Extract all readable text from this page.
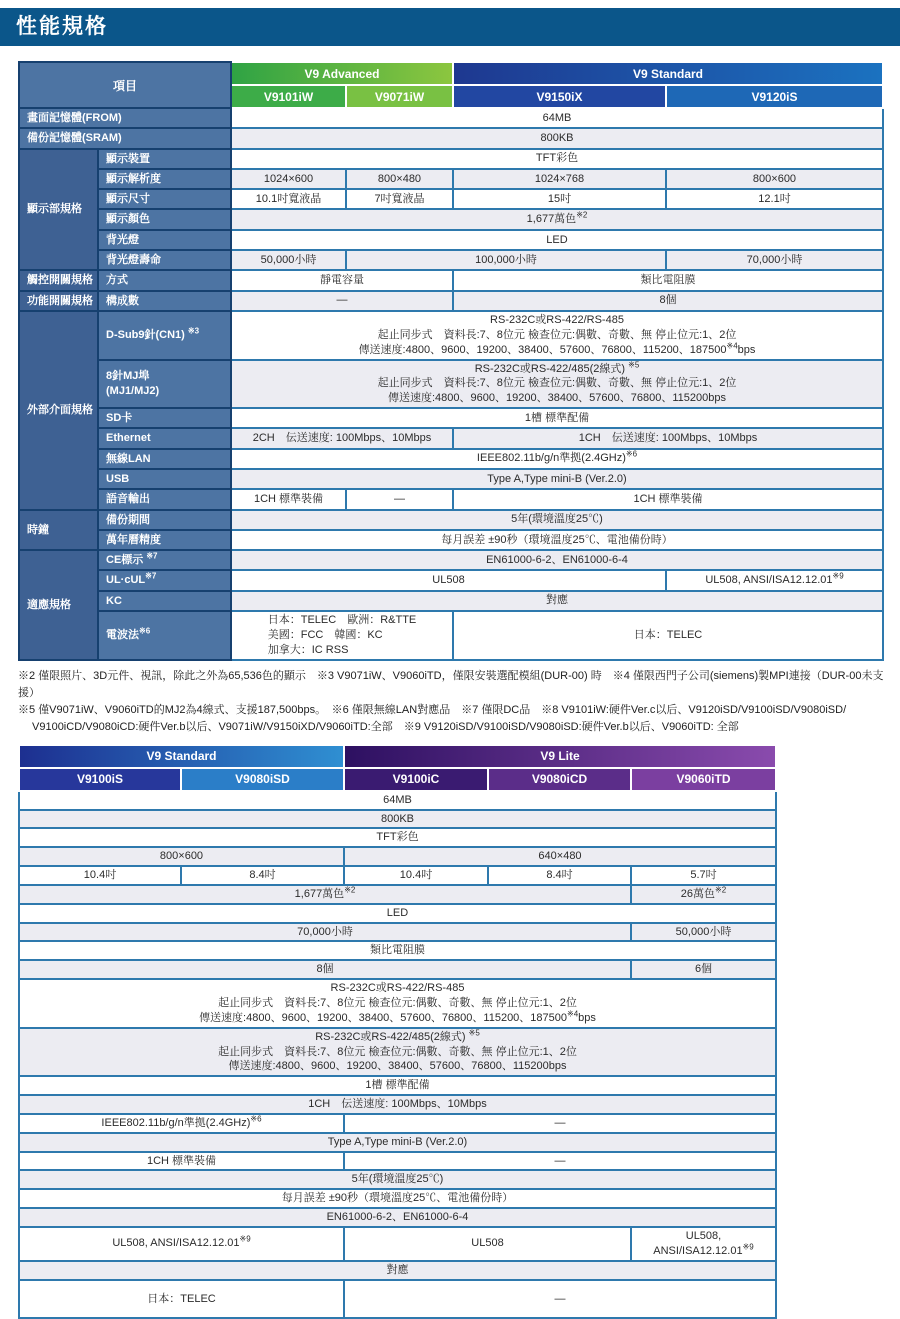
性能規格
項目		V9 Advanced		V9 Standard	
		V9101iW	V9071iW	V9150iX	V9120iS
畫面記憶體(FROM)		64MB			
備份記憶體(SRAM)		800KB			
顯示部規格	顯示裝置	TFT彩色			
	顯示解析度	1024×600	800×480	1024×768	800×600
	顯示尺寸	10.1吋寬液晶	7吋寬液晶	15吋	12.1吋
	顯示顏色	1,677萬色$^{※2}$
	背光燈	LED			
	背光燈壽命	50,000小時	100,000小時		70,000小時
觸控開關規格	方式	靜電容量		類比電阻膜	
功能開關規格	構成數	―		8個	
外部介面規格	D-Sub9針(CN1) $^{※3}$	RS-232C或RS-422/RS-485
起止同步式　資料長:7、8位元 檢查位元:偶數、奇數、無 停止位元:1、2位
傳送速度:4800、9600、19200、38400、57600、76800、115200、187500$^{※4}$bps			
	8針MJ埠
(MJ1/MJ2)	RS-232C或RS-422/485(2線式) $^{※5}$
起止同步式　資料長:7、8位元 檢查位元:偶數、奇數、無 停止位元:1、2位
傳送速度:4800、9600、19200、38400、57600、76800、115200bps			
	SD卡	1槽 標準配備			
	Ethernet	2CH　伝送速度: 100Mbps、10Mbps		1CH　伝送速度: 100Mbps、10Mbps	
	無線LAN	IEEE802.11b/g/n準拠$(2.4GHz)^{※6}$
	USB	Type A,Type mini-B (Ver.2.0)			
	語音輸出	1CH 標準裝備	―	1CH 標準裝備	
時鐘	備份期間	5年(環境溫度25℃)			
	萬年曆精度	每月誤差 ±90秒（環境溫度25℃、電池備份時）			
適應規格	CE標示 $^{※7}$	EN61000-6-2、EN61000-6-4			
	UL·cUL$^{※7}$	UL508			UL508, ANSI/ISA12.12.01$^{※9}$
	KC	對應			
	電波法$^{※6}$	日本：TELEC　歐洲：R&TTE
美國：FCC　韓國：KC
加拿大：IC RSS		日本：TELEC	
※2 僅限照片、3D元件、視訊，除此之外為65,536色的顯示　※3 V9071iW、V9060iTD，僅限安裝選配模組(DUR-00) 時　※4 僅限西門子公司(siemens)製MPI連接（DUR-00未支援）
※5 僅V9071iW、V9060iTD的MJ2為4線式、支援187,500bps。　※6 僅限無線LAN對應品　※7 僅限DC品　※8 V9101iW:硬件Ver.c以后、V9120iSD/V9100iSD/V9080iSD/
V9100iCD/V9080iCD:硬件Ver.b以后、V9071iW/V9150iXD/V9060iTD:全部　※9 V9120iSD/V9100iSD/V9080iSD:硬件Ver.b以后、V9060iTD: 全部
V9 Standard		V9 Lite		
V9100iS	V9080iSD	V9100iC	V9080iCD	V9060iTD
64MB				
800KB				
TFT彩色				
800×600		640×480		
10.4吋	8.4吋	10.4吋	8.4吋	5.7吋
1,677萬色$^{※2}$				26萬色$^{※2}$
LED				
70,000小時				50,000小時
類比電阻膜				
8個				6個
RS-232C或RS-422/RS-485
起止同步式　資料長:7、8位元 檢查位元:偶數、奇數、無 停止位元:1、2位
傳送速度:4800、9600、19200、38400、57600、76800、115200、187500$^{※4}$bps				
RS-232C或RS-422/485(2線式) $^{※5}$
起止同步式　資料長:7、8位元 檢查位元:偶數、奇數、無 停止位元:1、2位
傳送速度:4800、9600、19200、38400、57600、76800、115200bps				
1槽 標準配備				
1CH　伝送速度: 100Mbps、10Mbps				
IEEE802.11b/g/n準拠$(2.4GHz)^{※6}$		―		
Type A,Type mini-B (Ver.2.0)				
1CH 標準裝備		―		
5年(環境溫度25℃)				
每月誤差 ±90秒（環境溫度25℃、電池備份時）				
EN61000-6-2、EN61000-6-4				
UL508, ANSI/ISA12.12.01$^{※9}$		UL508		UL508, ANSI/ISA12.12.01$^{※9}$
對應				
日本：TELEC		―		
